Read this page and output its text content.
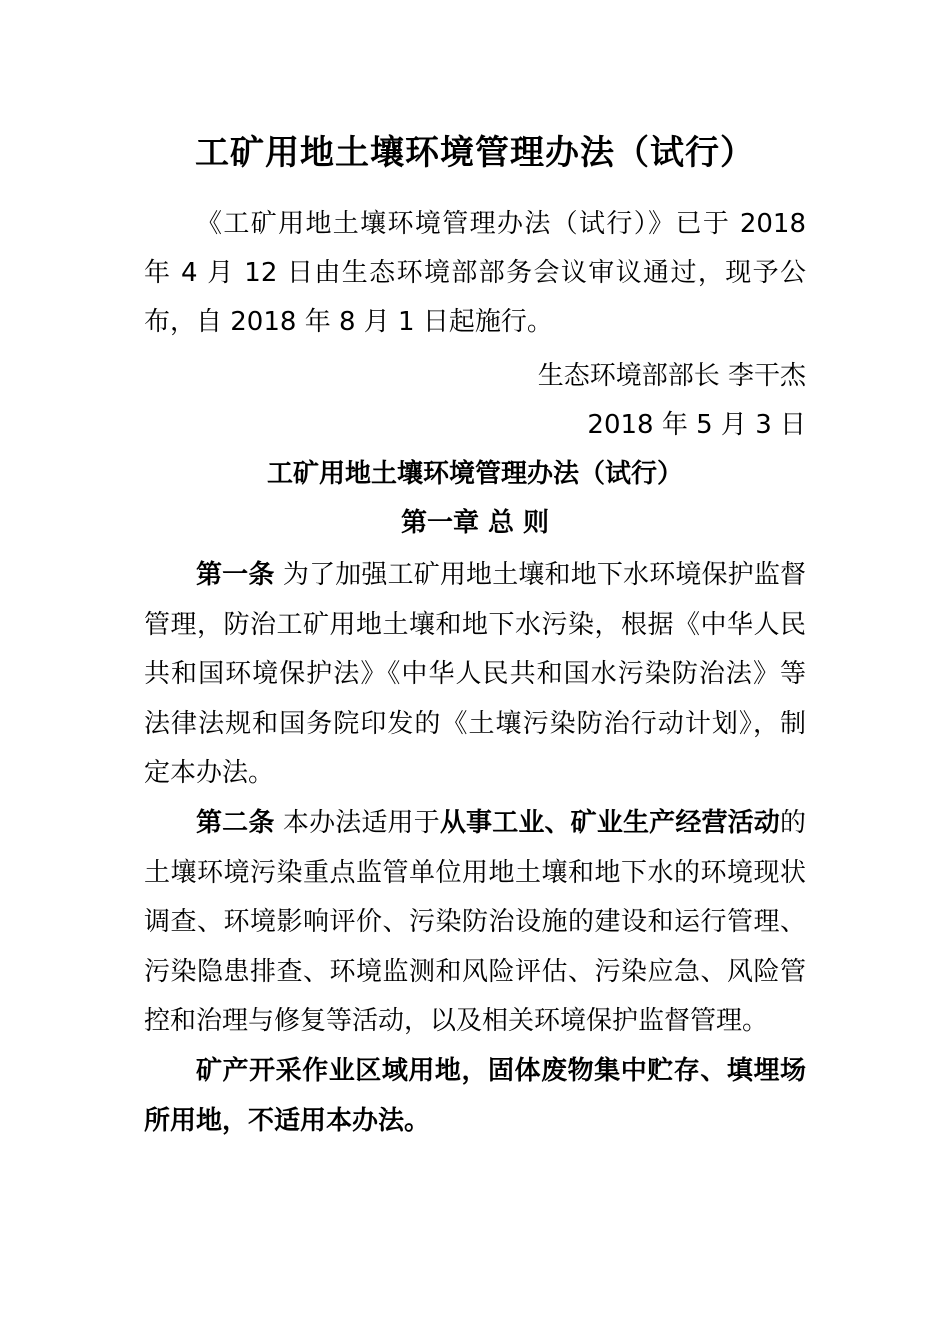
工矿用地土壤环境管理办法（试行）
《工矿用地土壤环境管理办法（试行）》已于 2018 年 4 月 12 日由生态环境部部务会议审议通过，现予公布，自 2018 年 8 月 1 日起施行。
生态环境部部长 李干杰
2018 年 5 月 3 日
工矿用地土壤环境管理办法（试行）
第一章 总 则
第一条 为了加强工矿用地土壤和地下水环境保护监督管理，防治工矿用地土壤和地下水污染，根据《中华人民共和国环境保护法》《中华人民共和国水污染防治法》等法律法规和国务院印发的《土壤污染防治行动计划》，制定本办法。
第二条 本办法适用于从事工业、矿业生产经营活动的土壤环境污染重点监管单位用地土壤和地下水的环境现状调查、环境影响评价、污染防治设施的建设和运行管理、污染隐患排查、环境监测和风险评估、污染应急、风险管控和治理与修复等活动，以及相关环境保护监督管理。
矿产开采作业区域用地，固体废物集中贮存、填埋场所用地，不适用本办法。
